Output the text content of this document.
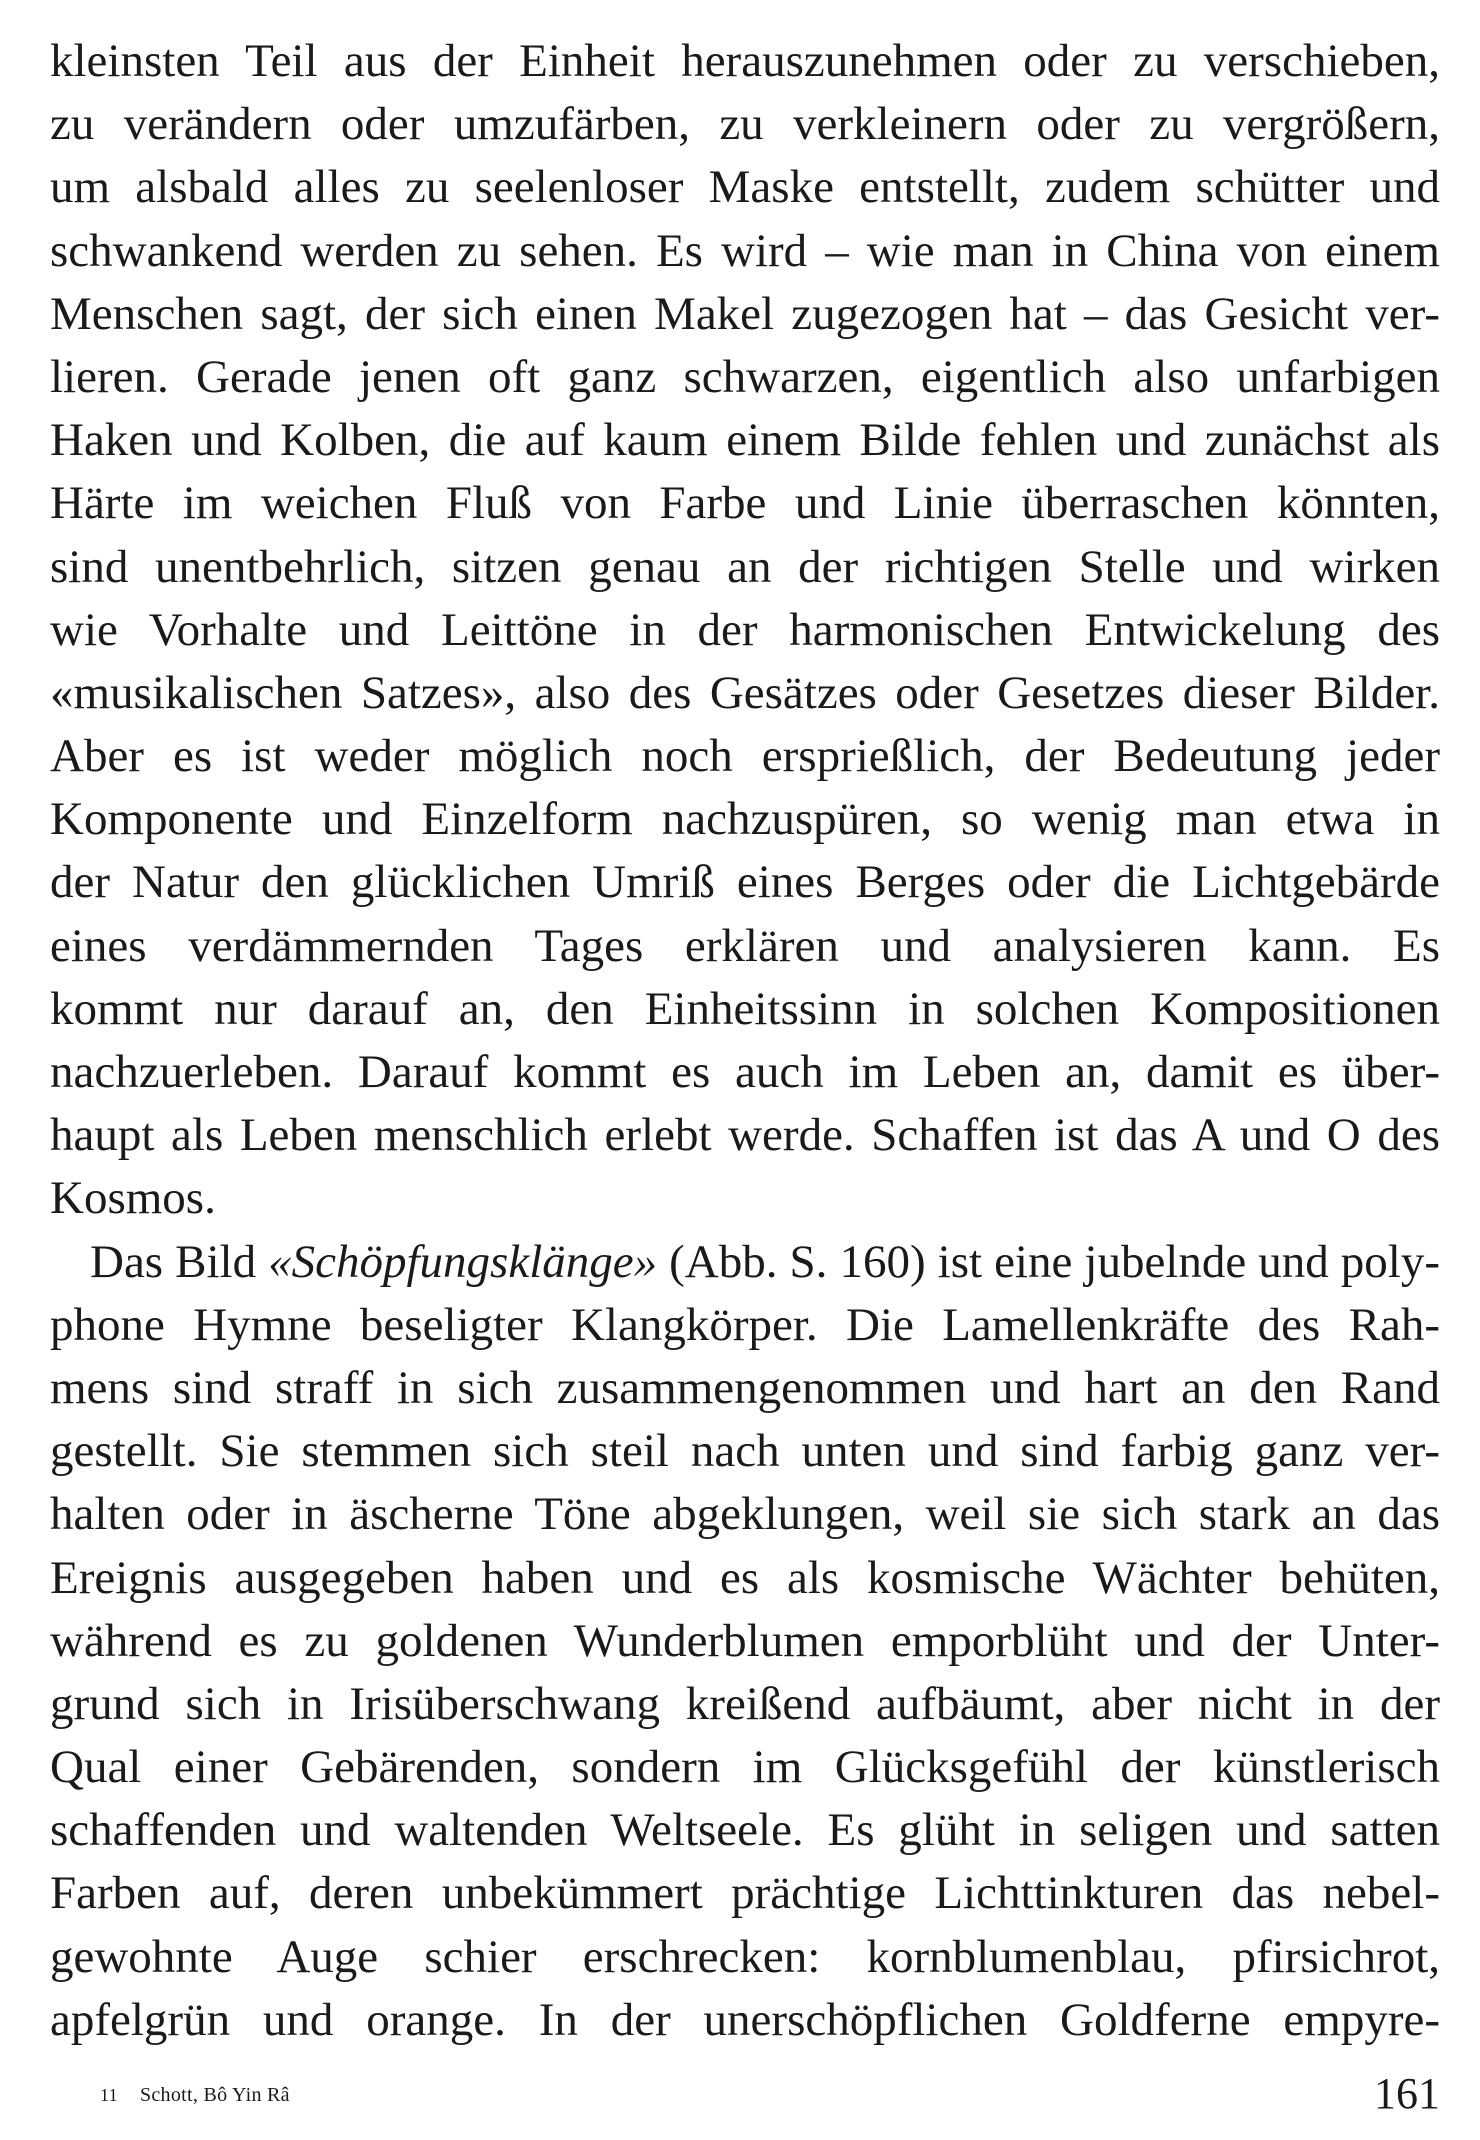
kleinsten Teil aus der Einheit herauszunehmen oder zu verschieben,
zu verändern oder umzufärben, zu verkleinern oder zu vergrößern,
um alsbald alles zu seelenloser Maske entstellt, zudem schütter und
schwankend werden zu sehen. Es wird – wie man in China von einem
Menschen sagt, der sich einen Makel zugezogen hat – das Gesicht ver-
lieren. Gerade jenen oft ganz schwarzen, eigentlich also unfarbigen
Haken und Kolben, die auf kaum einem Bilde fehlen und zunächst als
Härte im weichen Fluß von Farbe und Linie überraschen könnten,
sind unentbehrlich, sitzen genau an der richtigen Stelle und wirken
wie Vorhalte und Leittöne in der harmonischen Entwickelung des
«musikalischen Satzes», also des Gesätzes oder Gesetzes dieser Bilder.
Aber es ist weder möglich noch ersprießlich, der Bedeutung jeder
Komponente und Einzelform nachzuspüren, so wenig man etwa in
der Natur den glücklichen Umriß eines Berges oder die Lichtgebärde
eines verdämmernden Tages erklären und analysieren kann. Es
kommt nur darauf an, den Einheitssinn in solchen Kompositionen
nachzuerleben. Darauf kommt es auch im Leben an, damit es über-
haupt als Leben menschlich erlebt werde. Schaffen ist das A und O des
Kosmos.
Das Bild «Schöpfungsklänge» (Abb. S. 160) ist eine jubelnde und poly-
phone Hymne beseligter Klangkörper. Die Lamellenkräfte des Rah-
mens sind straff in sich zusammengenommen und hart an den Rand
gestellt. Sie stemmen sich steil nach unten und sind farbig ganz ver-
halten oder in äscherne Töne abgeklungen, weil sie sich stark an das
Ereignis ausgegeben haben und es als kosmische Wächter behüten,
während es zu goldenen Wunderblumen emporblüht und der Unter-
grund sich in Irisüberschwang kreißend aufbäumt, aber nicht in der
Qual einer Gebärenden, sondern im Glücksgefühl der künstlerisch
schaffenden und waltenden Weltseele. Es glüht in seligen und satten
Farben auf, deren unbekümmert prächtige Lichttinkturen das nebel-
gewohnte Auge schier erschrecken: kornblumenblau, pfirsichrot,
apfelgrün und orange. In der unerschöpflichen Goldferne empyre-
11 Schott, Bô Yin Râ	161
